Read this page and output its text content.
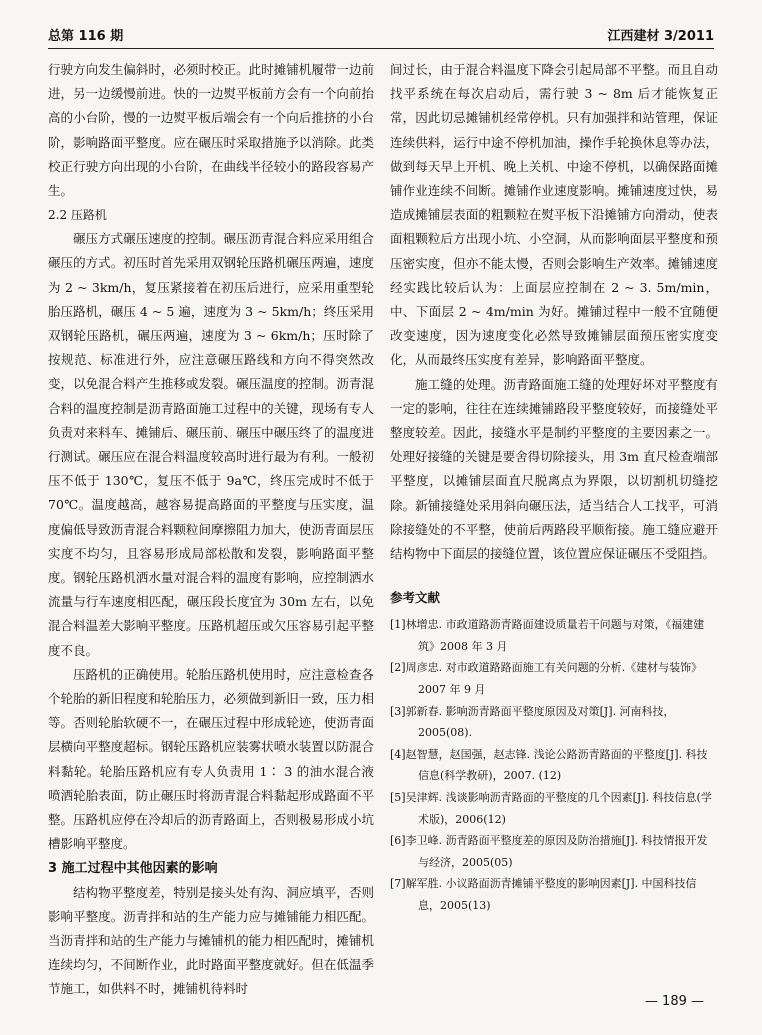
总第 116 期	江西建材 3/2011

行驶方向发生偏斜时，必须时校正。此时摊铺机履带一边前进，另一边缓慢前进。快的一边熨平板前方会有一个向前抬高的小台阶，慢的一边熨平板后端会有一个向后推挤的小台阶，影响路面平整度。应在碾压时采取措施予以消除。此类校正行驶方向出现的小台阶，在曲线半径较小的路段容易产生。

2.2 压路机

碾压方式碾压速度的控制。碾压沥青混合料应采用组合碾压的方式。初压时首先采用双钢轮压路机碾压两遍，速度为 2 ~ 3km/h，复压紧接着在初压后进行，应采用重型轮胎压路机，碾压 4 ~ 5 遍，速度为 3 ~ 5km/h；终压采用双钢轮压路机，碾压两遍，速度为 3 ~ 6km/h；压时除了按规范、标准进行外，应注意碾压路线和方向不得突然改变，以免混合料产生推移或发裂。碾压温度的控制。沥青混合料的温度控制是沥青路面施工过程中的关键，现场有专人负责对来料车、摊铺后、碾压前、碾压中碾压终了的温度进行测试。碾压应在混合料温度较高时进行最为有利。一般初压不低于 130℃，复压不低于 9a℃，终压完成时不低于 70℃。温度越高，越容易提高路面的平整度与压实度，温度偏低导致沥青混合料颗粒间摩擦阻力加大，使沥青面层压实度不均匀，且容易形成局部松散和发裂，影响路面平整度。钢轮压路机洒水量对混合料的温度有影响，应控制洒水流量与行车速度相匹配，碾压段长度宜为 30m 左右，以免混合料温差大影响平整度。压路机超压或欠压容易引起平整度不良。

压路机的正确使用。轮胎压路机使用时，应注意检查各个轮胎的新旧程度和轮胎压力，必须做到新旧一致，压力相等。否则轮胎软硬不一，在碾压过程中形成轮迹，使沥青面层横向平整度超标。钢轮压路机应装雾状喷水装置以防混合料黏轮。轮胎压路机应有专人负责用 1∶ 3 的油水混合液喷洒轮胎表面，防止碾压时将沥青混合料黏起形成路面不平整。压路机应停在冷却后的沥青路面上，否则极易形成小坑槽影响平整度。

3 施工过程中其他因素的影响

结构物平整度差，特别是接头处有沟、洞应填平，否则影响平整度。沥青拌和站的生产能力应与摊铺能力相匹配。当沥青拌和站的生产能力与摊铺机的能力相匹配时，摊铺机连续均匀，不间断作业，此时路面平整度就好。但在低温季节施工，如供料不时，摊铺机待料时

间过长，由于混合料温度下降会引起局部不平整。而且自动找平系统在每次启动后，需行驶 3 ~ 8m 后才能恢复正常，因此切忌摊铺机经常停机。只有加强拌和站管理，保证连续供料，运行中途不停机加油，操作手轮换休息等办法，做到每天早上开机、晚上关机、中途不停机，以确保路面摊铺作业连续不间断。摊铺作业速度影响。摊铺速度过快，易造成摊铺层表面的粗颗粒在熨平板下沿摊铺方向滑动，使表面粗颗粒后方出现小坑、小空洞，从而影响面层平整度和预压密实度，但亦不能太慢，否则会影响生产效率。摊铺速度经实践比较后认为：上面层应控制在 2 ~ 3. 5m/min，中、下面层 2 ~ 4m/min 为好。摊铺过程中一般不宜随便改变速度，因为速度变化必然导致摊铺层面预压密实度变化，从而最终压实度有差异，影响路面平整度。

施工缝的处理。沥青路面施工缝的处理好坏对平整度有一定的影响，往往在连续摊铺路段平整度较好，而接缝处平整度较差。因此，接缝水平是制约平整度的主要因素之一。处理好接缝的关键是要舍得切除接头，用 3m 直尺检查端部平整度，以摊铺层面直尺脱离点为界限，以切割机切缝挖除。新铺接缝处采用斜向碾压法，适当结合人工找平，可消除接缝处的不平整，使前后两路段平顺衔接。施工缝应避开结构物中下面层的接缝位置，该位置应保证碾压不受阻挡。

参考文献

[1]林增忠. 市政道路沥青路面建设质量若干问题与对策，《福建建筑》2008 年 3 月

[2]周彦忠. 对市政道路路面施工有关问题的分析.《建材与装饰》2007 年 9 月

[3]郭新春. 影响沥青路面平整度原因及对策[J]. 河南科技，2005(08).

[4]赵智慧，赵国强，赵志锋. 浅论公路沥青路面的平整度[J]. 科技信息(科学教研)，2007. (12)

[5]吴津辉. 浅谈影响沥青路面的平整度的几个因素[J]. 科技信息(学术版)，2006(12)

[6]李卫峰. 沥青路面平整度差的原因及防治措施[J]. 科技情报开发与经济，2005(05)

[7]解军胜. 小议路面沥青摊铺平整度的影响因素[J]. 中国科技信息，2005(13)

— 189 —
